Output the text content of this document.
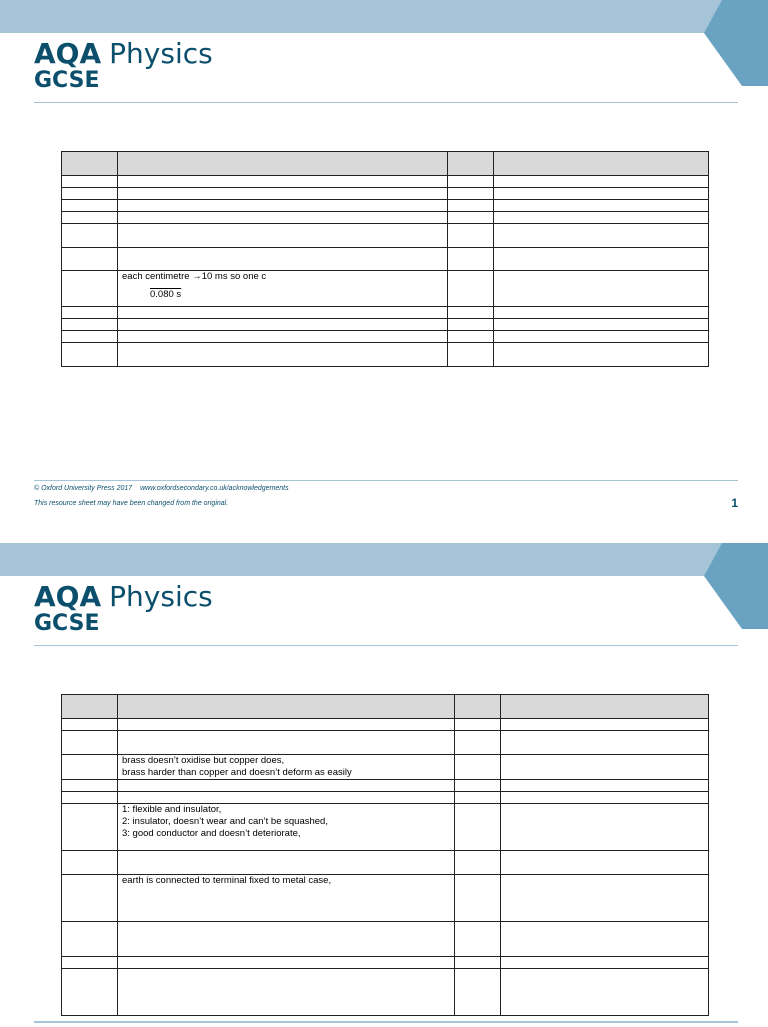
AQA Physics
GCSE

	each centimetre →10 ms so one c
0.080 s		

© Oxford University Press 2017 www.oxfordsecondary.co.uk/acknowledgements
This resource sheet may have been changed from the original.	1
AQA Physics
GCSE

	brass doesn’t oxidise but copper does,
brass harder than copper and doesn’t deform as easily		

	1: flexible and insulator,
2: insulator, doesn’t wear and can’t be squashed,
3: good conductor and doesn’t deteriorate,		

	earth is connected to terminal fixed to metal case,		
